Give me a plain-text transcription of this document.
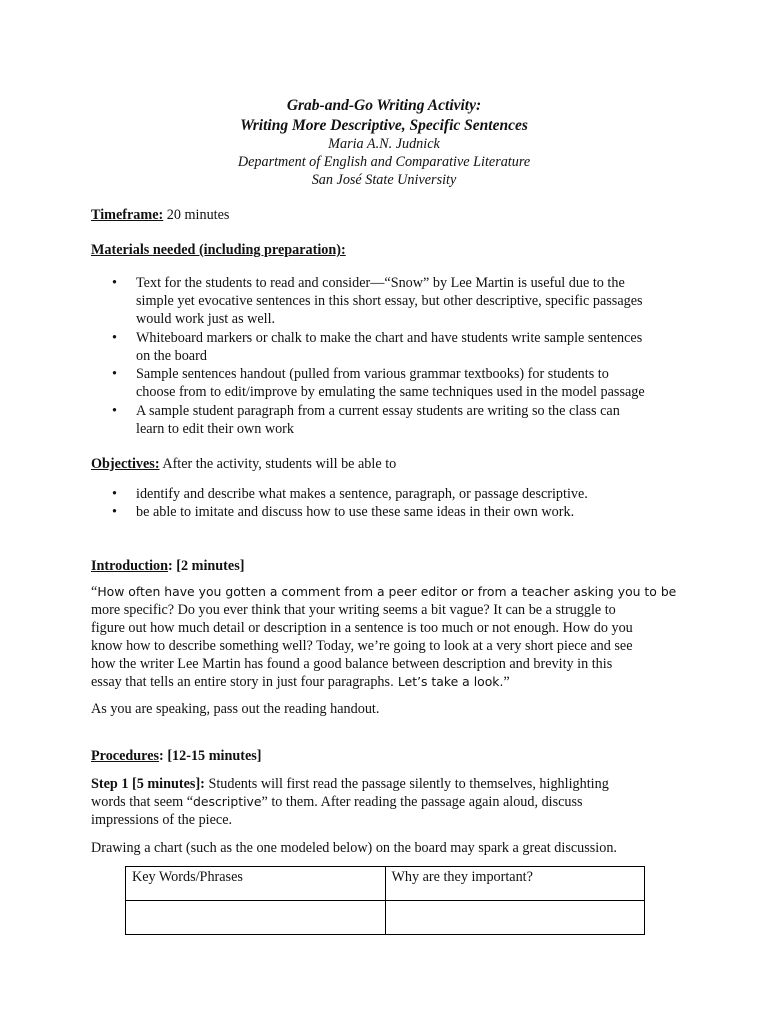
Grab-and-Go Writing Activity:
Writing More Descriptive, Specific Sentences
Maria A.N. Judnick
Department of English and Comparative Literature
San José State University
Timeframe: 20 minutes
Materials needed (including preparation):
• Text for the students to read and consider—“Snow” by Lee Martin is useful due to the
simple yet evocative sentences in this short essay, but other descriptive, specific passages
would work just as well.
• Whiteboard markers or chalk to make the chart and have students write sample sentences
on the board
• Sample sentences handout (pulled from various grammar textbooks) for students to
choose from to edit/improve by emulating the same techniques used in the model passage
• A sample student paragraph from a current essay students are writing so the class can
learn to edit their own work
Objectives: After the activity, students will be able to
• identify and describe what makes a sentence, paragraph, or passage descriptive.
• be able to imitate and discuss how to use these same ideas in their own work.
Introduction: [2 minutes]
“How often have you gotten a comment from a peer editor or from a teacher asking you to be
more specific? Do you ever think that your writing seems a bit vague? It can be a struggle to
figure out how much detail or description in a sentence is too much or not enough. How do you
know how to describe something well? Today, we’re going to look at a very short piece and see
how the writer Lee Martin has found a good balance between description and brevity in this
essay that tells an entire story in just four paragraphs. Let’s take a look.”
As you are speaking, pass out the reading handout.
Procedures: [12-15 minutes]
Step 1 [5 minutes]: Students will first read the passage silently to themselves, highlighting
words that seem “descriptive” to them. After reading the passage again aloud, discuss
impressions of the piece.
Drawing a chart (such as the one modeled below) on the board may spark a great discussion.
Key Words/Phrases	Why are they important?
